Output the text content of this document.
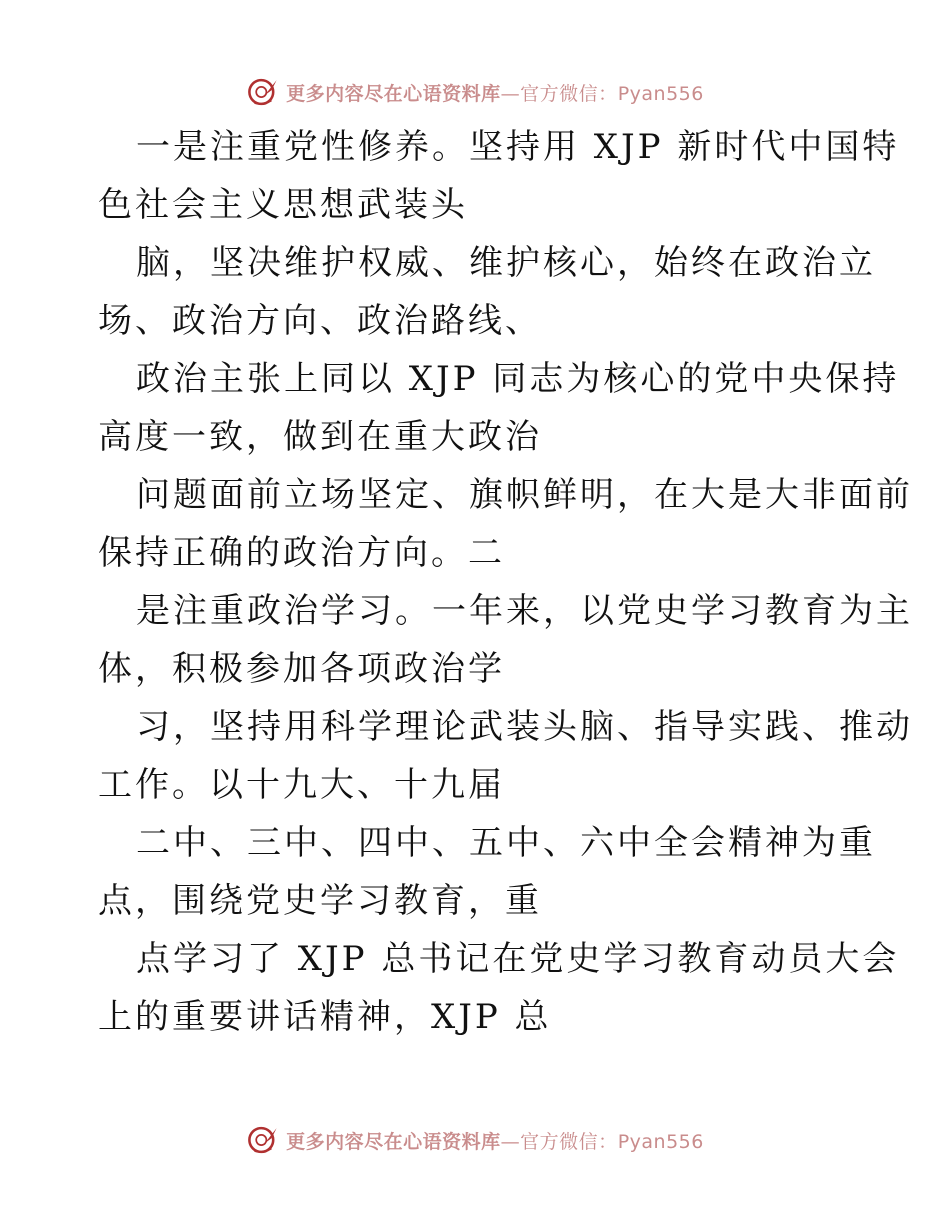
更多内容尽在心语资料库—官方微信：Pyan556
一是注重党性修养。坚持用 XJP 新时代中国特
色社会主义思想武装头
脑，坚决维护权威、维护核心，始终在政治立
场、政治方向、政治路线、
政治主张上同以 XJP 同志为核心的党中央保持
高度一致，做到在重大政治
问题面前立场坚定、旗帜鲜明，在大是大非面前
保持正确的政治方向。二
是注重政治学习。一年来，以党史学习教育为主
体，积极参加各项政治学
习，坚持用科学理论武装头脑、指导实践、推动
工作。以十九大、十九届
二中、三中、四中、五中、六中全会精神为重
点，围绕党史学习教育，重
点学习了 XJP 总书记在党史学习教育动员大会
上的重要讲话精神，XJP 总
更多内容尽在心语资料库—官方微信：Pyan556
